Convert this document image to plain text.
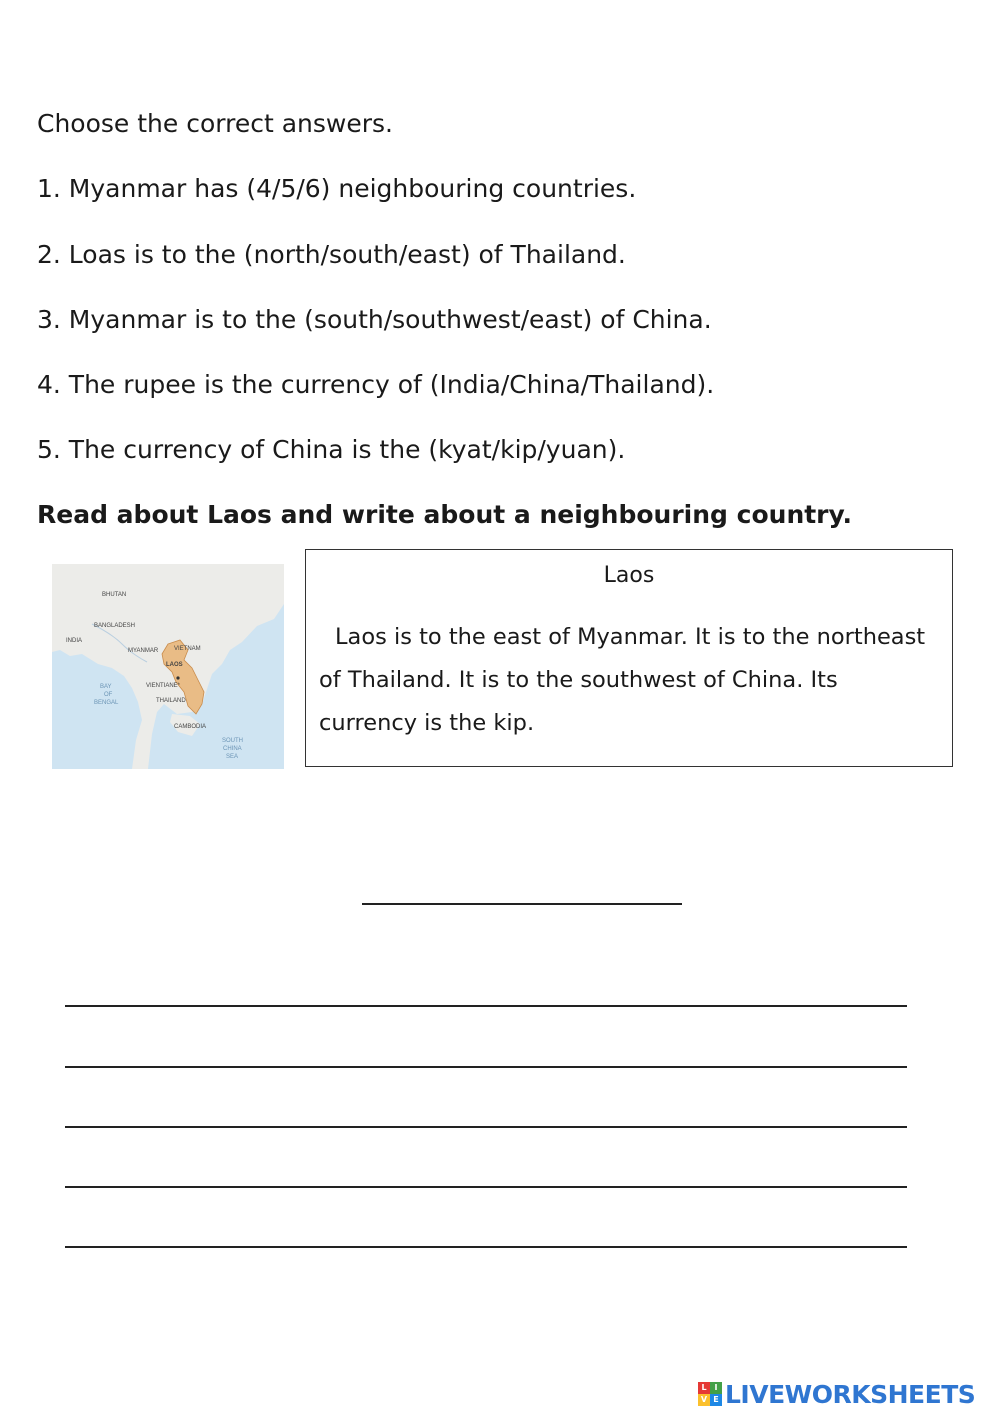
Choose the correct answers.
1. Myanmar has (4/5/6) neighbouring countries.
2. Loas is to the (north/south/east) of Thailand.
3. Myanmar is to the (south/southwest/east) of China.
4. The rupee is the currency of (India/China/Thailand).
5. The currency of China is the (kyat/kip/yuan).
Read about Laos and write about a neighbouring country.
BHUTAN
BANGLADESH
INDIA
MYANMAR	VIETNAM
LAOS
VIENTIANE*
THAILAND
CAMBODIA
BAY
OF
BENGAL
SOUTH
CHINA
SEA
Laos
Laos is to the east of Myanmar. It is to the northeast of Thailand. It is to the southwest of China. Its currency is the kip.
L I
V E LIVEWORKSHEETS
